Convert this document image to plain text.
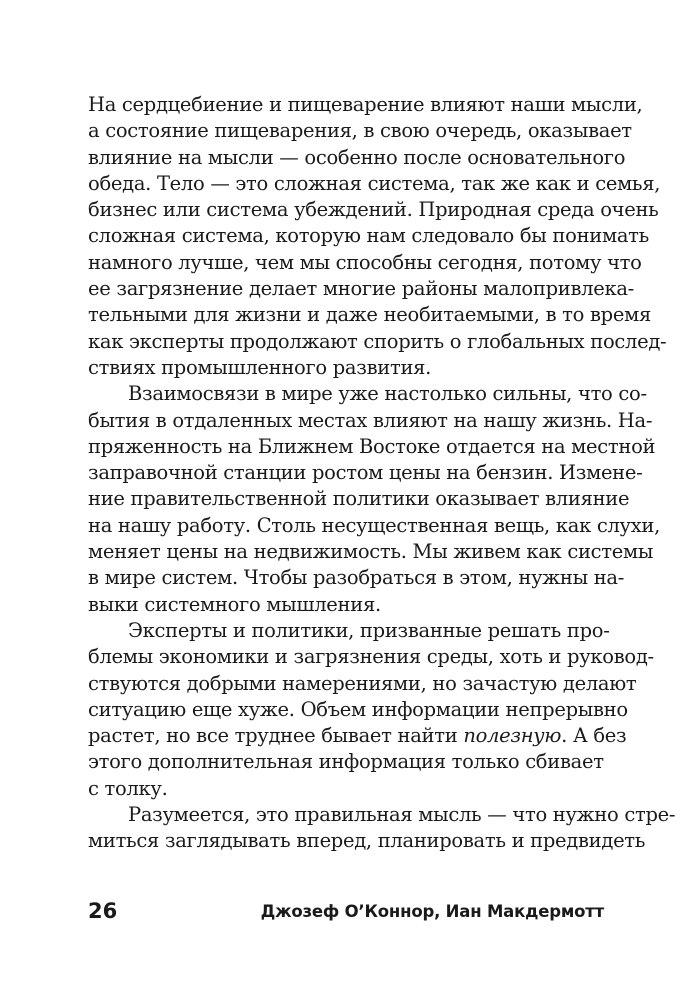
На сердцебиение и пищеварение влияют наши мысли,
а состояние пищеварения, в свою очередь, оказывает
влияние на мысли — особенно после основательного
обеда. Тело — это сложная система, так же как и семья,
бизнес или система убеждений. Природная среда очень
сложная система, которую нам следовало бы понимать
намного лучше, чем мы способны сегодня, потому что
ее загрязнение делает многие районы малопривлека-
тельными для жизни и даже необитаемыми, в то время
как эксперты продолжают спорить о глобальных послед-
ствиях промышленного развития.
Взаимосвязи в мире уже настолько сильны, что со-
бытия в отдаленных местах влияют на нашу жизнь. На-
пряженность на Ближнем Востоке отдается на местной
заправочной станции ростом цены на бензин. Измене-
ние правительственной политики оказывает влияние
на нашу работу. Столь несущественная вещь, как слухи,
меняет цены на недвижимость. Мы живем как системы
в мире систем. Чтобы разобраться в этом, нужны на-
выки системного мышления.
Эксперты и политики, призванные решать про-
блемы экономики и загрязнения среды, хоть и руковод-
ствуются добрыми намерениями, но зачастую делают
ситуацию еще хуже. Объем информации непрерывно
растет, но все труднее бывает найти полезную. А без
этого дополнительная информация только сбивает
с толку.
Разумеется, это правильная мысль — что нужно стре-
миться заглядывать вперед, планировать и предвидеть
26	Джозеф О’Коннор, Иан Макдермотт
